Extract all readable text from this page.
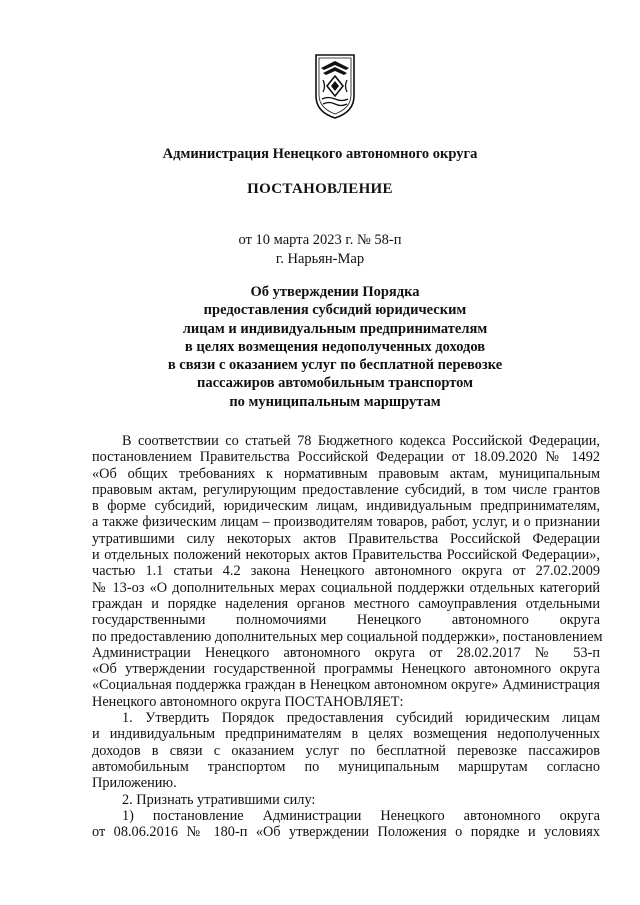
Администрация Ненецкого автономного округа
ПОСТАНОВЛЕНИЕ
от 10 марта 2023 г. № 58-п
г. Нарьян-Мар
Об утверждении Порядка
предоставления субсидий юридическим
лицам и индивидуальным предпринимателям
в целях возмещения недополученных доходов
в связи с оказанием услуг по бесплатной перевозке
пассажиров автомобильным транспортом
по муниципальным маршрутам
В соответствии со статьей 78 Бюджетного кодекса Российской Федерации,
постановлением Правительства Российской Федерации от 18.09.2020 № 1492
«Об общих требованиях к нормативным правовым актам, муниципальным
правовым актам, регулирующим предоставление субсидий, в том числе грантов
в форме субсидий, юридическим лицам, индивидуальным предпринимателям,
а также физическим лицам – производителям товаров, работ, услуг, и о признании
утратившими силу некоторых актов Правительства Российской Федерации
и отдельных положений некоторых актов Правительства Российской Федерации»,
частью 1.1 статьи 4.2 закона Ненецкого автономного округа от 27.02.2009
№ 13-оз «О дополнительных мерах социальной поддержки отдельных категорий
граждан и порядке наделения органов местного самоуправления отдельными
государственными полномочиями Ненецкого автономного округа
по предоставлению дополнительных мер социальной поддержки», постановлением
Администрации Ненецкого автономного округа от 28.02.2017 № 53-п
«Об утверждении государственной программы Ненецкого автономного округа
«Социальная поддержка граждан в Ненецком автономном округе» Администрация
Ненецкого автономного округа ПОСТАНОВЛЯЕТ:
1. Утвердить Порядок предоставления субсидий юридическим лицам
и индивидуальным предпринимателям в целях возмещения недополученных
доходов в связи с оказанием услуг по бесплатной перевозке пассажиров
автомобильным транспортом по муниципальным маршрутам согласно
Приложению.
2. Признать утратившими силу:
1) постановление Администрации Ненецкого автономного округа
от 08.06.2016 № 180-п «Об утверждении Положения о порядке и условиях
